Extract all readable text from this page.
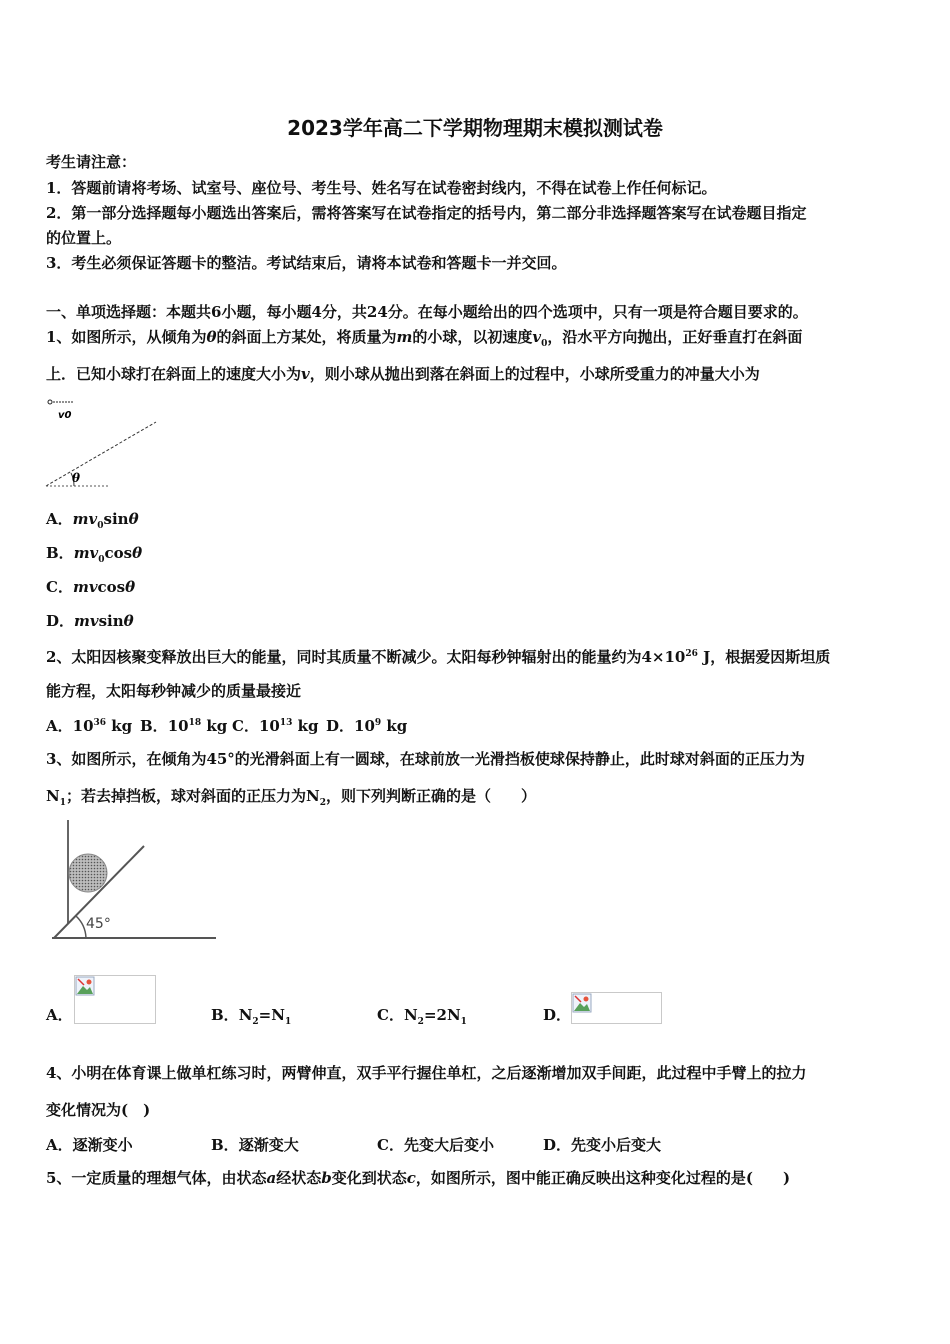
2023学年高二下学期物理期末模拟测试卷
考生请注意：
1．答题前请将考场、试室号、座位号、考生号、姓名写在试卷密封线内，不得在试卷上作任何标记。
2．第一部分选择题每小题选出答案后，需将答案写在试卷指定的括号内，第二部分非选择题答案写在试卷题目指定
的位置上。
3．考生必须保证答题卡的整洁。考试结束后，请将本试卷和答题卡一并交回。
一、单项选择题：本题共6小题，每小题4分，共24分。在每小题给出的四个选项中，只有一项是符合题目要求的。
1、如图所示，从倾角为θ的斜面上方某处，将质量为m的小球，以初速度$v_0$，沿水平方向抛出，正好垂直打在斜面
上．已知小球打在斜面上的速度大小为v，则小球从抛出到落在斜面上的过程中，小球所受重力的冲量大小为
v0
θ
A．$mv_0\sin\theta$
B．$mv_0\cos\theta$
C．mvcosθ
D．mvsinθ
2、太阳因核聚变释放出巨大的能量，同时其质量不断减少。太阳每秒钟辐射出的能量约为$4\times 10^{26}$ J，根据爱因斯坦质
能方程，太阳每秒钟减少的质量最接近
A．$10^{36}$ kg B．$10^{18}$ kg C．$10^{13}$ kg D．$10^9$ kg
3、如图所示，在倾角为45°的光滑斜面上有一圆球，在球前放一光滑挡板使球保持静止，此时球对斜面的正压力为
$N_1$；若去掉挡板，球对斜面的正压力为$N_2$，则下列判断正确的是（　　）
45°
A．	B．$N_2=N_1$	C．$N_2=2N_1$	D．
4、小明在体育课上做单杠练习时，两臂伸直，双手平行握住单杠，之后逐渐增加双手间距，此过程中手臂上的拉力
变化情况为(　)
A．逐渐变小	B．逐渐变大	C．先变大后变小	D．先变小后变大
5、一定质量的理想气体，由状态a经状态b变化到状态c，如图所示，图中能正确反映出这种变化过程的是(　　)
